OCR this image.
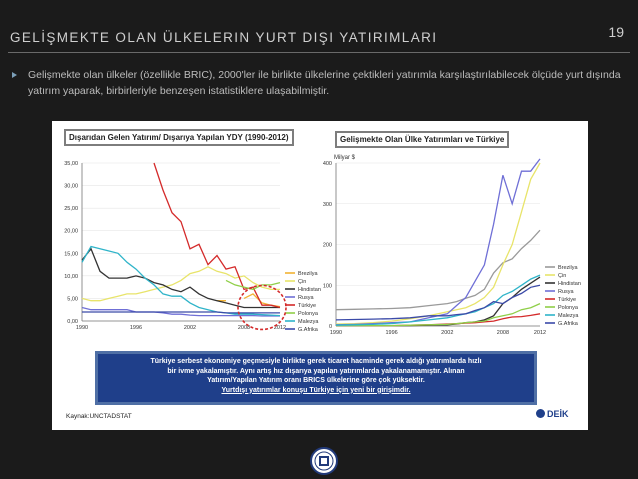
GELİŞMEKTE OLAN ÜLKELERIN YURT DIŞI YATIRIMLARI	19
Gelişmekte olan ülkeler (özellikle BRIC), 2000'ler ile birlikte ülkelerine çektikleri yatırımla karşılaştırılabilecek ölçüde yurt dışında yatırım yaparak, birbirleriyle benzeşen istatistiklere ulaşabilmiştir.
Dışarıdan Gelen Yatırım/ Dışarıya Yapılan YDY (1990-2012)	Gelişmekte Olan Ülke Yatırımları ve Türkiye
0,00
5,00
10,00
15,00
20,00
25,00
30,00
35,00
1990	1996	2002	2008	2012
Brezilya
Çin
Hindistan
Rusya
Türkiye
Polonya
Malezya
G.Afrika 0
100
200
300
400
1990	1996	2002	2008	2012
Brezilya
Çin
Hindistan
Rusya
Türkiye
Polonya
Malezya
G.Afrika
Milyar $
Türkiye serbest ekonomiye geçmesiyle birlikte gerek ticaret hacminde gerek aldığı yatırımlarda hızlı
bir ivme yakalamıştır. Aynı artış hız dışarıya yapılan yatırımlarda yakalanamamıştır. Alınan
Yatırım/Yapılan Yatırım oranı BRICS ülkelerine göre çok yüksektir.
Yurtdışı yatırımlar konuşu Türkiye için yeni bir girişimdir.
Kaynak:UNCTADSTAT	DEİK
